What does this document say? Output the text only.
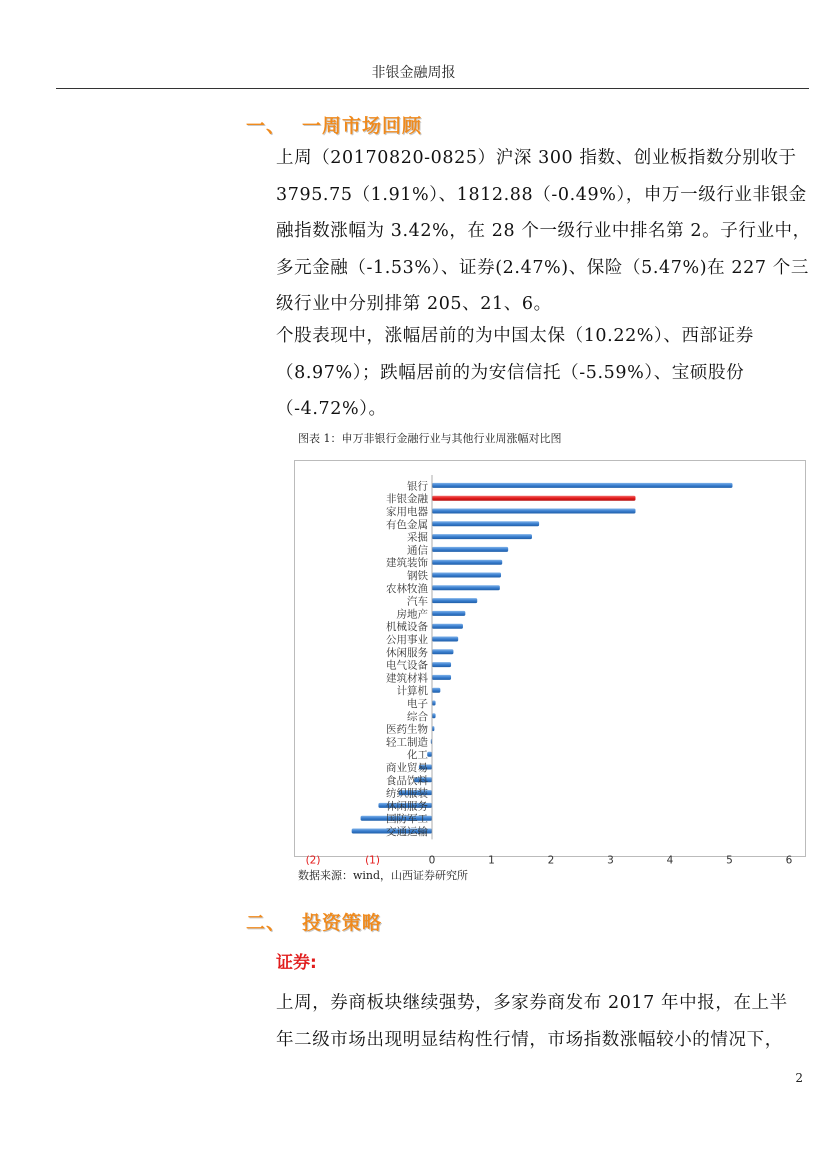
非银金融周报
一、 一周市场回顾
上周（20170820-0825）沪深 300 指数、创业板指数分别收于
3795.75（1.91%）、1812.88（-0.49%），申万一级行业非银金
融指数涨幅为 3.42%，在 28 个一级行业中排名第 2。子行业中，
多元金融（-1.53%）、证券(2.47%)、保险（5.47%)在 227 个三
级行业中分别排第 205、21、6。
个股表现中，涨幅居前的为中国太保（10.22%）、西部证券
（8.97%）；跌幅居前的为安信信托（-5.59%）、宝硕股份
（-4.72%）。
图表 1：申万非银行金融行业与其他行业周涨幅对比图
银行
非银金融
家用电器
有色金属
采掘
通信
建筑装饰
钢铁
农林牧渔
汽车
房地产
机械设备
公用事业
休闲服务
电气设备
建筑材料
计算机
电子
综合
医药生物
轻工制造
化工
商业贸易
食品饮料
纺织服装
休闲服务
国防军工
交通运输
(2)	(1)	0	1	2	3	4	5	6
数据来源：wind，山西证券研究所
二、 投资策略
证券:
上周，券商板块继续强势，多家券商发布 2017 年中报，在上半
年二级市场出现明显结构性行情，市场指数涨幅较小的情况下，
2
